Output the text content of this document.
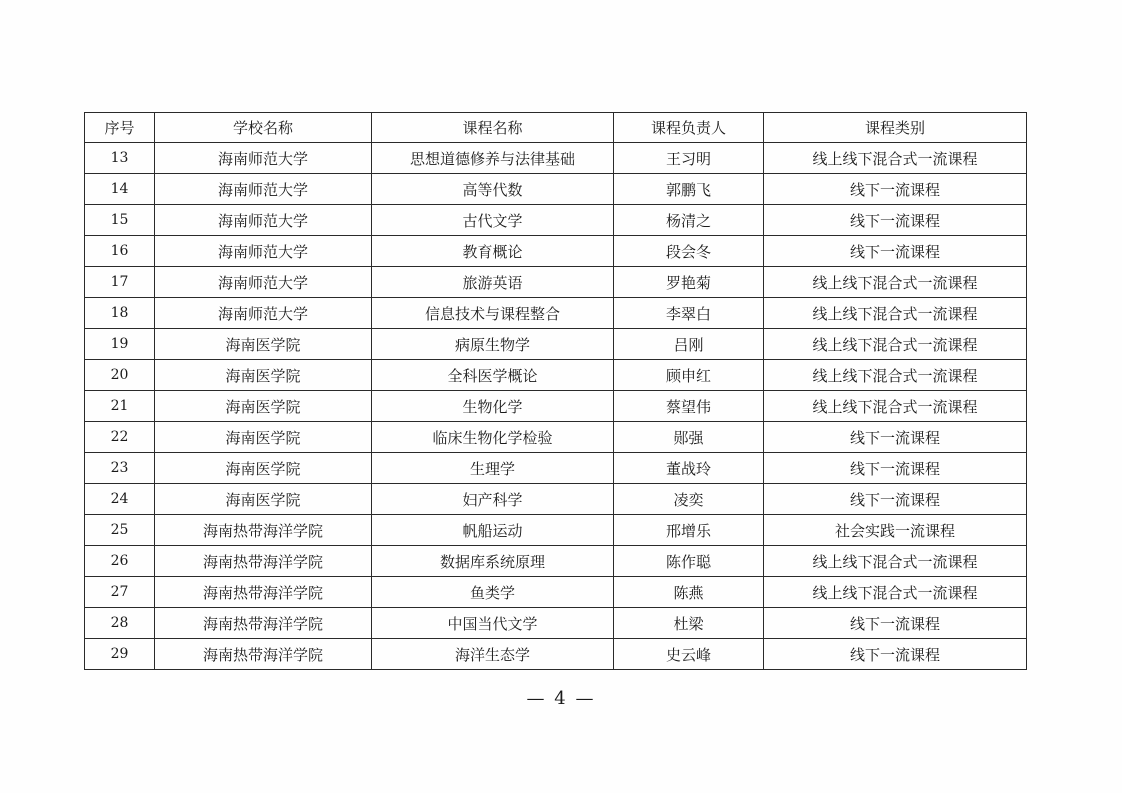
序号	学校名称	课程名称	课程负责人	课程类别
13	海南师范大学	思想道德修养与法律基础	王习明	线上线下混合式一流课程
14	海南师范大学	高等代数	郭鹏飞	线下一流课程
15	海南师范大学	古代文学	杨清之	线下一流课程
16	海南师范大学	教育概论	段会冬	线下一流课程
17	海南师范大学	旅游英语	罗艳菊	线上线下混合式一流课程
18	海南师范大学	信息技术与课程整合	李翠白	线上线下混合式一流课程
19	海南医学院	病原生物学	吕刚	线上线下混合式一流课程
20	海南医学院	全科医学概论	顾申红	线上线下混合式一流课程
21	海南医学院	生物化学	蔡望伟	线上线下混合式一流课程
22	海南医学院	临床生物化学检验	郧强	线下一流课程
23	海南医学院	生理学	董战玲	线下一流课程
24	海南医学院	妇产科学	凌奕	线下一流课程
25	海南热带海洋学院	帆船运动	邢增乐	社会实践一流课程
26	海南热带海洋学院	数据库系统原理	陈作聪	线上线下混合式一流课程
27	海南热带海洋学院	鱼类学	陈燕	线上线下混合式一流课程
28	海南热带海洋学院	中国当代文学	杜梁	线下一流课程
29	海南热带海洋学院	海洋生态学	史云峰	线下一流课程
— 4 —
